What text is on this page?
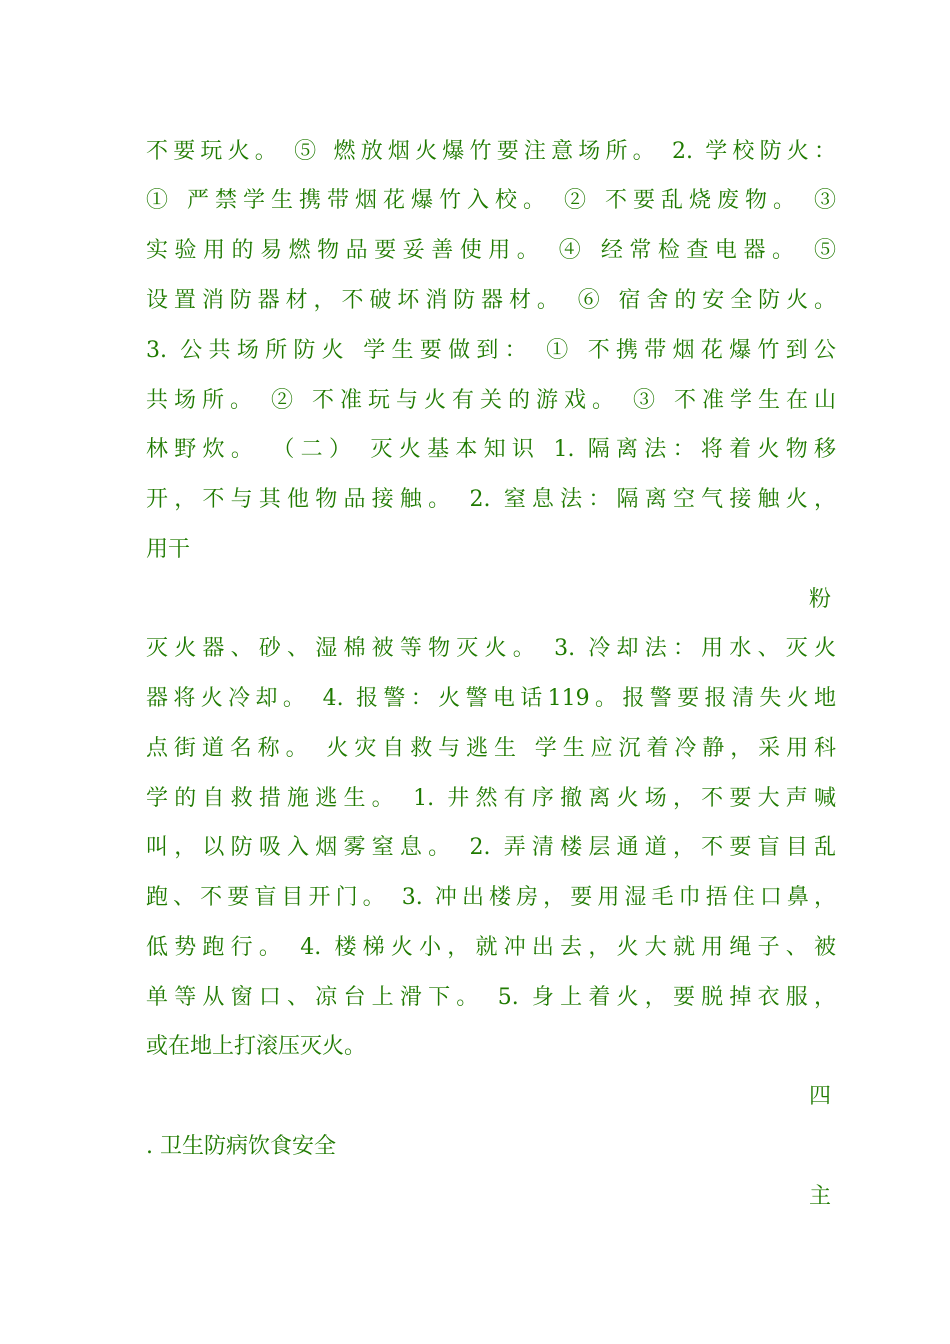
不要玩火。 ⑤ 燃放烟火爆竹要注意场所。 2. 学校防火：
① 严禁学生携带烟花爆竹入校。 ② 不要乱烧废物。 ③
实验用的易燃物品要妥善使用。 ④ 经常检查电器。 ⑤
设置消防器材，不破坏消防器材。 ⑥ 宿舍的安全防火。
3. 公共场所防火 学生要做到： ① 不携带烟花爆竹到公
共场所。 ② 不准玩与火有关的游戏。 ③ 不准学生在山
林野炊。 （二） 灭火基本知识 1. 隔离法：将着火物移
开，不与其他物品接触。 2. 窒息法：隔离空气接触火，
用干
粉
灭火器、砂、湿棉被等物灭火。 3. 冷却法：用水、灭火
器将火冷却。 4. 报警：火警电话119。报警要报清失火地
点街道名称。 火灾自救与逃生 学生应沉着冷静，采用科
学的自救措施逃生。 1. 井然有序撤离火场，不要大声喊
叫，以防吸入烟雾窒息。 2. 弄清楼层通道，不要盲目乱
跑、不要盲目开门。 3. 冲出楼房，要用湿毛巾捂住口鼻，
低势跑行。 4. 楼梯火小，就冲出去，火大就用绳子、被
单等从窗口、凉台上滑下。 5. 身上着火，要脱掉衣服，
或在地上打滚压灭火。
四
. 卫生防病饮食安全
主
